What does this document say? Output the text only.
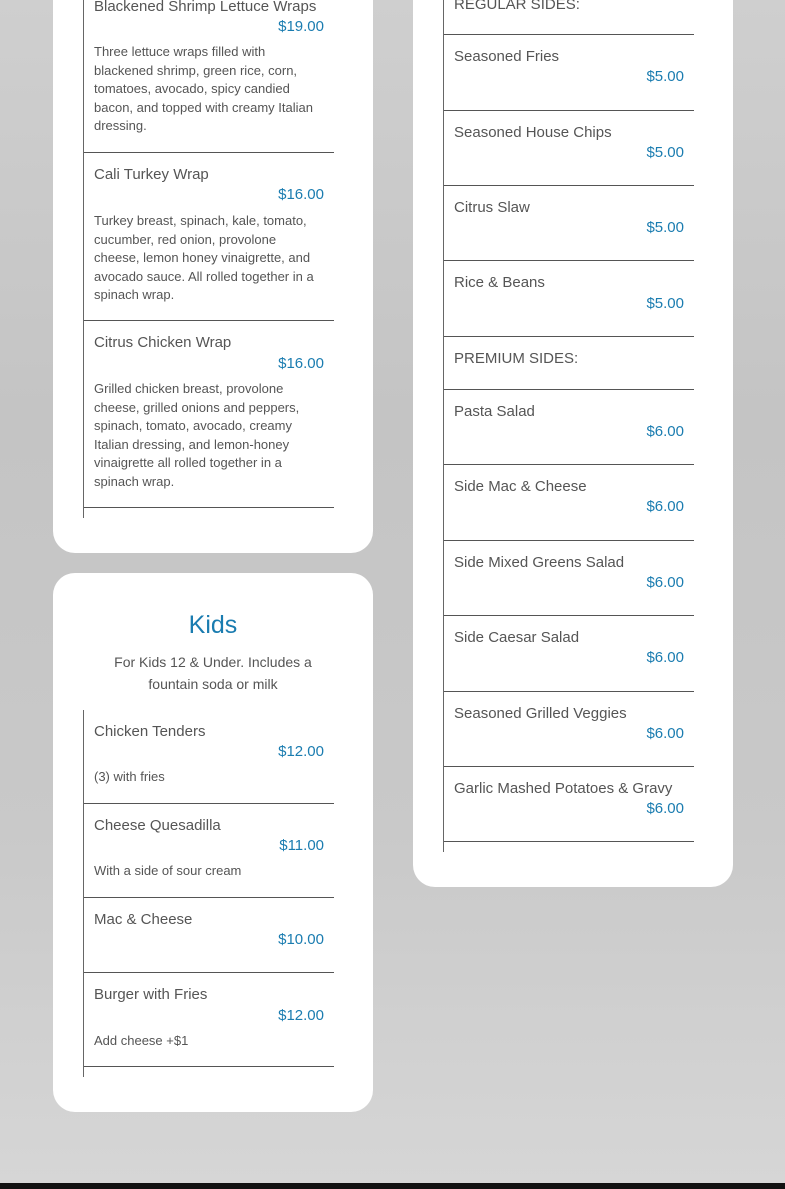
Blackened Shrimp Lettuce Wraps
$19.00
Three lettuce wraps filled with blackened shrimp, green rice, corn, tomatoes, avocado, spicy candied bacon, and topped with creamy Italian dressing.
Cali Turkey Wrap
$16.00
Turkey breast, spinach, kale, tomato, cucumber, red onion, provolone cheese, lemon honey vinaigrette, and avocado sauce. All rolled together in a spinach wrap.
Citrus Chicken Wrap
$16.00
Grilled chicken breast, provolone cheese, grilled onions and peppers, spinach, tomato, avocado, creamy Italian dressing, and lemon-honey vinaigrette all rolled together in a spinach wrap.
Kids
For Kids 12 & Under. Includes a fountain soda or milk
Chicken Tenders
$12.00
(3) with fries
Cheese Quesadilla
$11.00
With a side of sour cream
Mac & Cheese
$10.00
Burger with Fries
$12.00
Add cheese +$1
REGULAR SIDES:
Seasoned Fries
$5.00
Seasoned House Chips
$5.00
Citrus Slaw
$5.00
Rice & Beans
$5.00
PREMIUM SIDES:
Pasta Salad
$6.00
Side Mac & Cheese
$6.00
Side Mixed Greens Salad
$6.00
Side Caesar Salad
$6.00
Seasoned Grilled Veggies
$6.00
Garlic Mashed Potatoes & Gravy
$6.00
